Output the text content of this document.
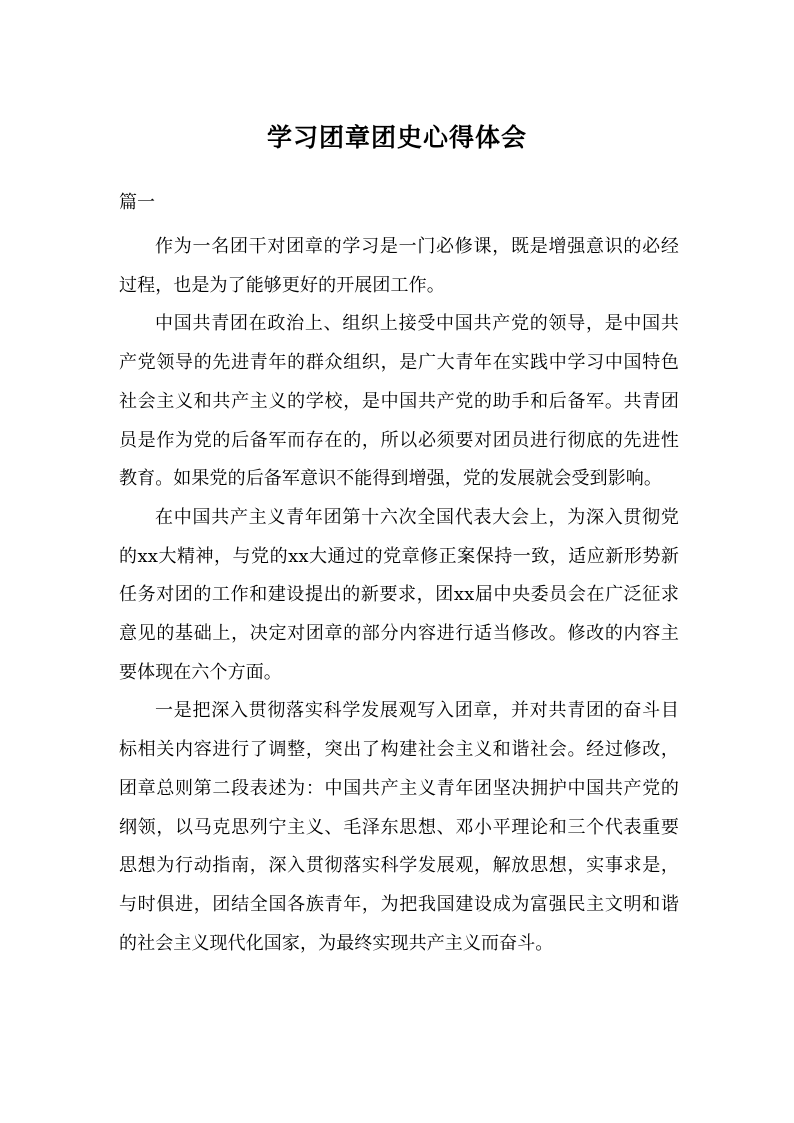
学习团章团史心得体会

篇一

作为一名团干对团章的学习是一门必修课，既是增强意识的必经过程，也是为了能够更好的开展团工作。

中国共青团在政治上、组织上接受中国共产党的领导，是中国共产党领导的先进青年的群众组织，是广大青年在实践中学习中国特色社会主义和共产主义的学校，是中国共产党的助手和后备军。共青团员是作为党的后备军而存在的，所以必须要对团员进行彻底的先进性教育。如果党的后备军意识不能得到增强，党的发展就会受到影响。

在中国共产主义青年团第十六次全国代表大会上，为深入贯彻党的xx大精神，与党的xx大通过的党章修正案保持一致，适应新形势新任务对团的工作和建设提出的新要求，团xx届中央委员会在广泛征求意见的基础上，决定对团章的部分内容进行适当修改。修改的内容主要体现在六个方面。

一是把深入贯彻落实科学发展观写入团章，并对共青团的奋斗目标相关内容进行了调整，突出了构建社会主义和谐社会。经过修改，团章总则第二段表述为：中国共产主义青年团坚决拥护中国共产党的纲领，以马克思列宁主义、毛泽东思想、邓小平理论和三个代表重要思想为行动指南，深入贯彻落实科学发展观，解放思想，实事求是，与时俱进，团结全国各族青年，为把我国建设成为富强民主文明和谐的社会主义现代化国家，为最终实现共产主义而奋斗。
